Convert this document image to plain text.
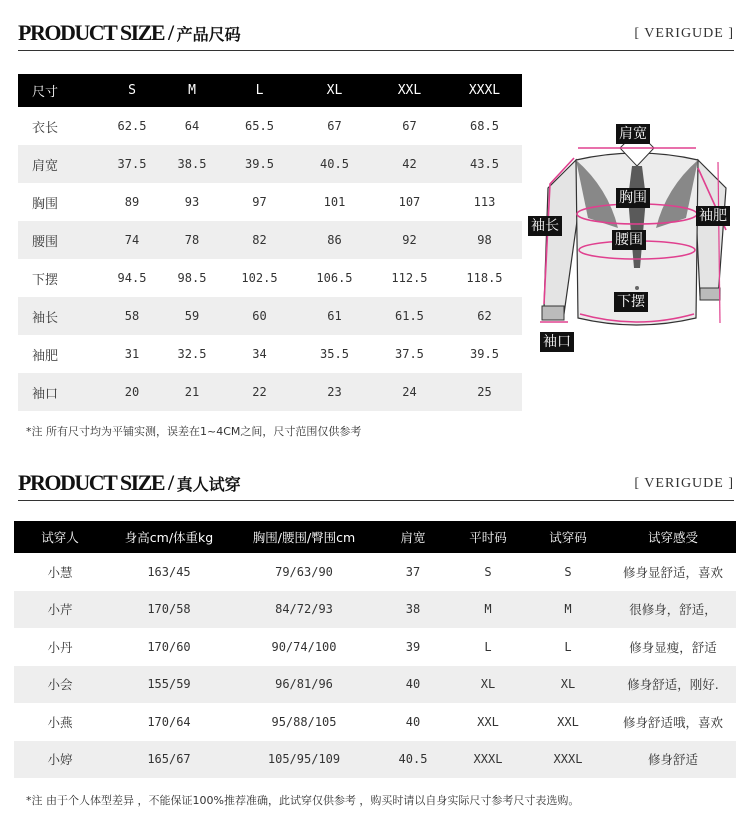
PRODUCT SIZE / 产品尺码	[ VERIGUDE ]
尺寸	S	M	L	XL	XXL	XXXL
衣长	62.5	64	65.5	67	67	68.5
肩宽	37.5	38.5	39.5	40.5	42	43.5
胸围	89	93	97	101	107	113
腰围	74	78	82	86	92	98
下摆	94.5	98.5	102.5	106.5	112.5	118.5
袖长	58	59	60	61	61.5	62
袖肥	31	32.5	34	35.5	37.5	39.5
袖口	20	21	22	23	24	25
*注 所有尺寸均为平铺实测，误差在1~4CM之间，尺寸范围仅供参考
肩宽
胸围
袖长
袖肥
腰围
下摆
袖口
PRODUCT SIZE / 真人试穿	[ VERIGUDE ]
试穿人	身高cm/体重kg	胸围/腰围/臀围cm	肩宽	平时码	试穿码	试穿感受
小慧	163/45	79/63/90	37	S	S	修身显舒适，喜欢
小芹	170/58	84/72/93	38	M	M	很修身，舒适，
小丹	170/60	90/74/100	39	L	L	修身显瘦，舒适
小会	155/59	96/81/96	40	XL	XL	修身舒适，刚好.
小燕	170/64	95/88/105	40	XXL	XXL	修身舒适哦，喜欢
小婷	165/67	105/95/109	40.5	XXXL	XXXL	修身舒适
*注 由于个人体型差异 ，不能保证100%推荐准确，此试穿仅供参考 ，购买时请以自身实际尺寸参考尺寸表选购。
